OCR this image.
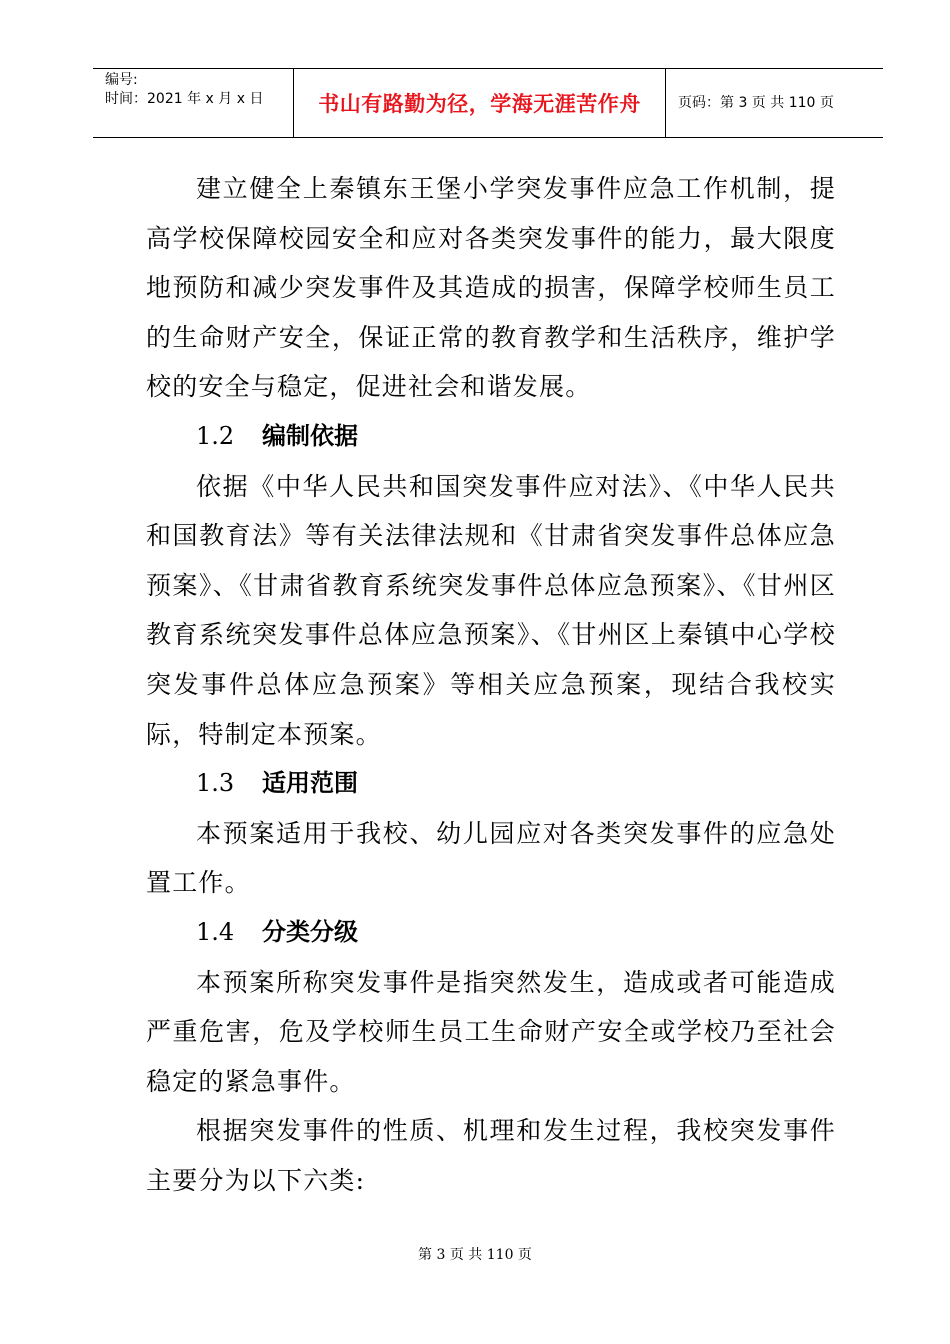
编号:
时间：2021 年 x 月 x 日	书山有路勤为径，学海无涯苦作舟	页码：第 3 页 共 110 页

建立健全上秦镇东王堡小学突发事件应急工作机制，提高学校保障校园安全和应对各类突发事件的能力，最大限度地预防和减少突发事件及其造成的损害，保障学校师生员工的生命财产安全，保证正常的教育教学和生活秩序，维护学校的安全与稳定，促进社会和谐发展。

1.2 编制依据

依据《中华人民共和国突发事件应对法》、《中华人民共和国教育法》等有关法律法规和《甘肃省突发事件总体应急预案》、《甘肃省教育系统突发事件总体应急预案》、《甘州区教育系统突发事件总体应急预案》、《甘州区上秦镇中心学校突发事件总体应急预案》等相关应急预案，现结合我校实际，特制定本预案。

1.3 适用范围

本预案适用于我校、幼儿园应对各类突发事件的应急处置工作。

1.4 分类分级

本预案所称突发事件是指突然发生，造成或者可能造成严重危害，危及学校师生员工生命财产安全或学校乃至社会稳定的紧急事件。

根据突发事件的性质、机理和发生过程，我校突发事件主要分为以下六类:

第 3 页 共 110 页
